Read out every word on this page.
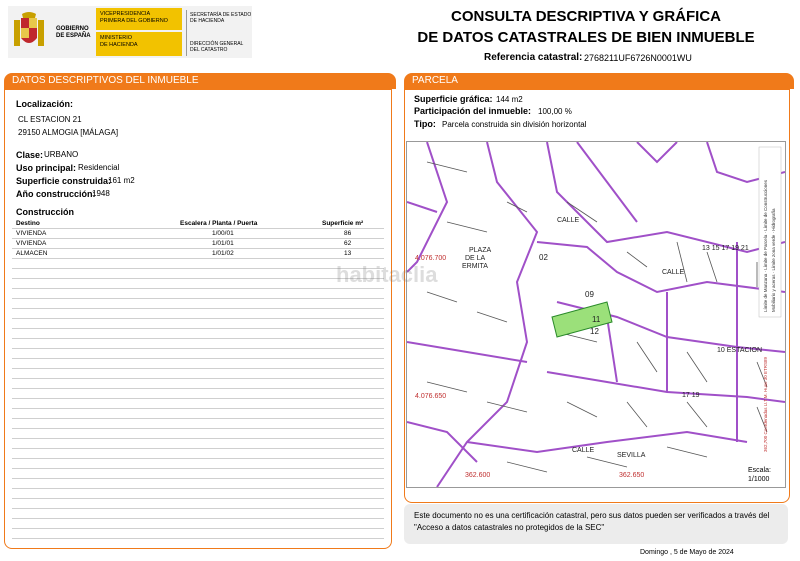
GOBIERNO
DE ESPAÑA
VICEPRESIDENCIA
PRIMERA DEL GOBIERNO
MINISTERIO
DE HACIENDA
SECRETARÍA DE ESTADO
DE HACIENDA
DIRECCIÓN GENERAL
DEL CATASTRO
CONSULTA DESCRIPTIVA Y GRÁFICA
DE DATOS CATASTRALES DE BIEN INMUEBLE
Referencia catastral: 2768211UF6726N0001WU
DATOS DESCRIPTIVOS DEL INMUEBLE
Localización:
CL ESTACION 21
29150 ALMOGIA [MÁLAGA]
Clase: URBANO
Uso principal: Residencial
Superficie construida:
161 m2
Año construcción:
1948
Construcción
Destino	Escalera / Planta / Puerta	Superficie m²
VIVIENDA	1/00/01	86
VIVIENDA	1/01/01	62
ALMACEN	1/01/02	13
PARCELA
Superficie gráfica: 144 m2
Participación del inmueble: 100,00 %
Tipo: Parcela construida sin división horizontal
PLAZA
DE LA
ERMITA
02
09
11
12
CALLE
CALLE
CALLE
SEVILLA
10 ESTACION
13 15 17 19 21
17 19
4.076.700
4.076.650
362.600	362.650
Límite de Manzana · Límite de Parcela · Límite de Construcciones Mobiliario y aceras · Límite zona verde · Hidrografía
362,700 Coordenadas U.T.M. Huso 30 ETRS89
Escala:
1/1000
habitaclia
Este documento no es una certificación catastral, pero sus datos pueden ser verificados a través del "Acceso a datos catastrales no protegidos de la SEC"
Domingo , 5 de Mayo de 2024
